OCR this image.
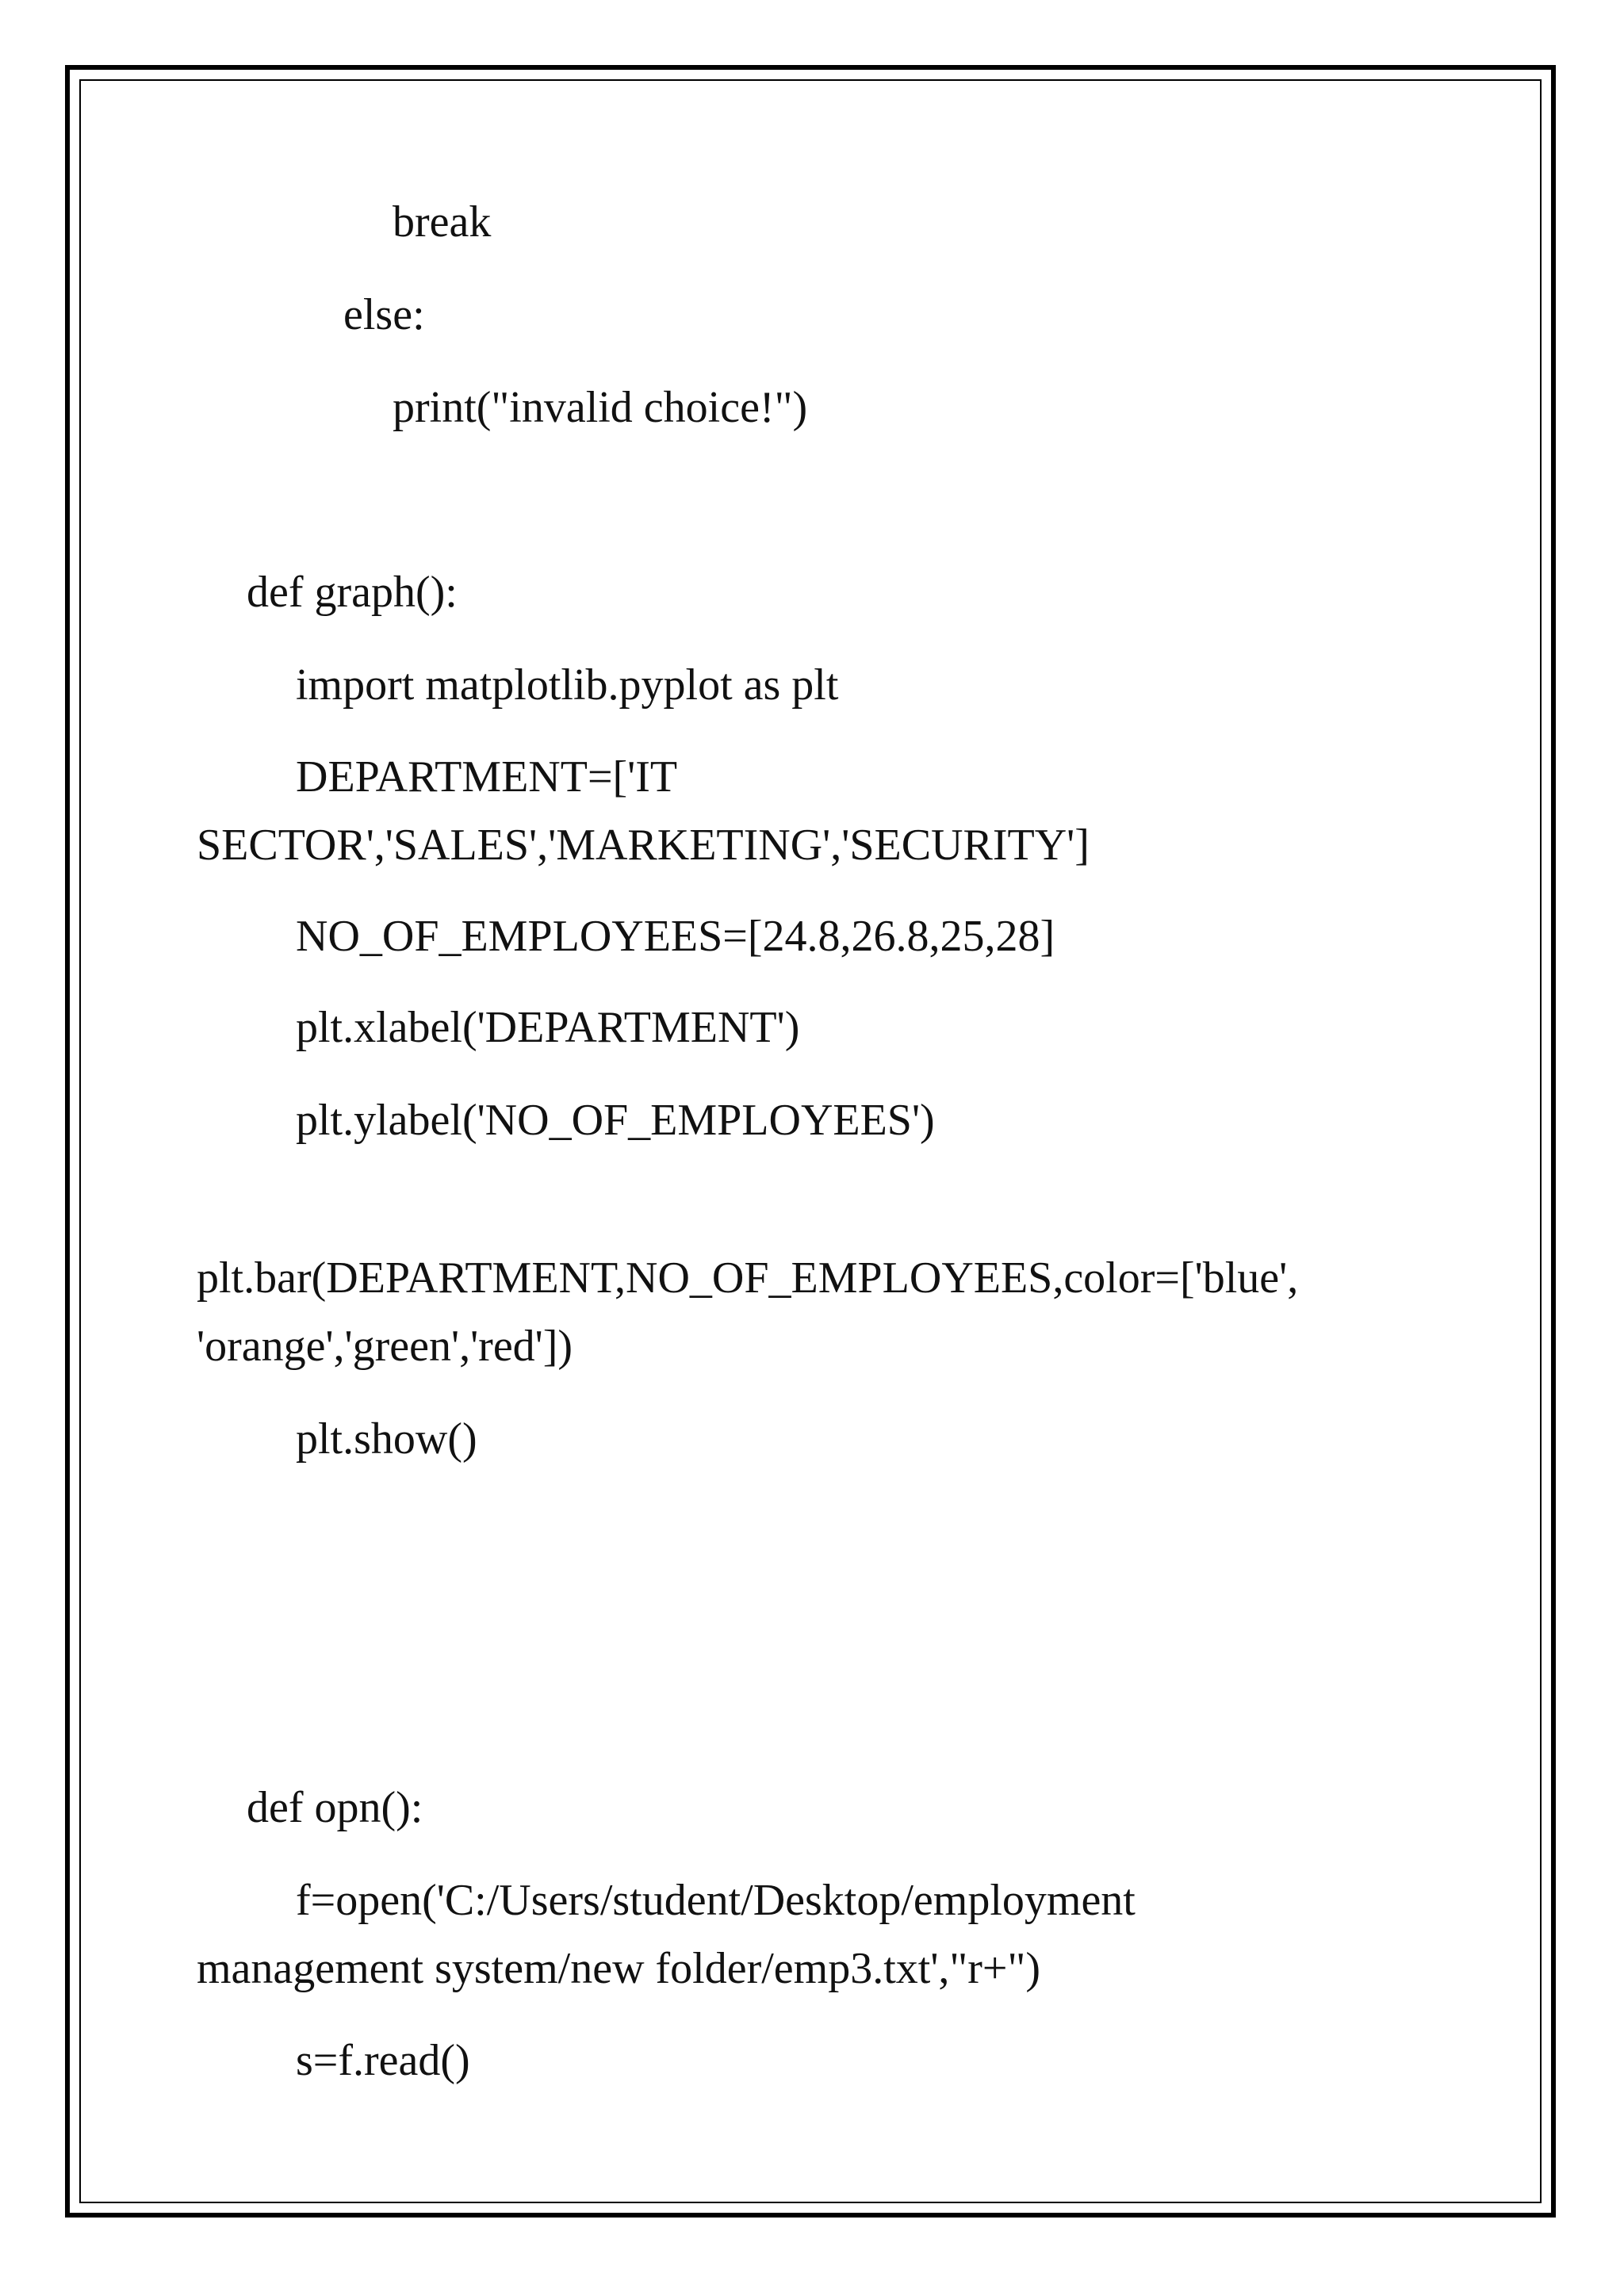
break
else:
print("invalid choice!")
def graph():
import matplotlib.pyplot as plt
DEPARTMENT=['IT
SECTOR','SALES','MARKETING','SECURITY']
NO_OF_EMPLOYEES=[24.8,26.8,25,28]
plt.xlabel('DEPARTMENT')
plt.ylabel('NO_OF_EMPLOYEES')
plt.bar(DEPARTMENT,NO_OF_EMPLOYEES,color=['blue',
'orange','green','red'])
plt.show()
def opn():
f=open('C:/Users/student/Desktop/employment
management system/new folder/emp3.txt',"r+")
s=f.read()
